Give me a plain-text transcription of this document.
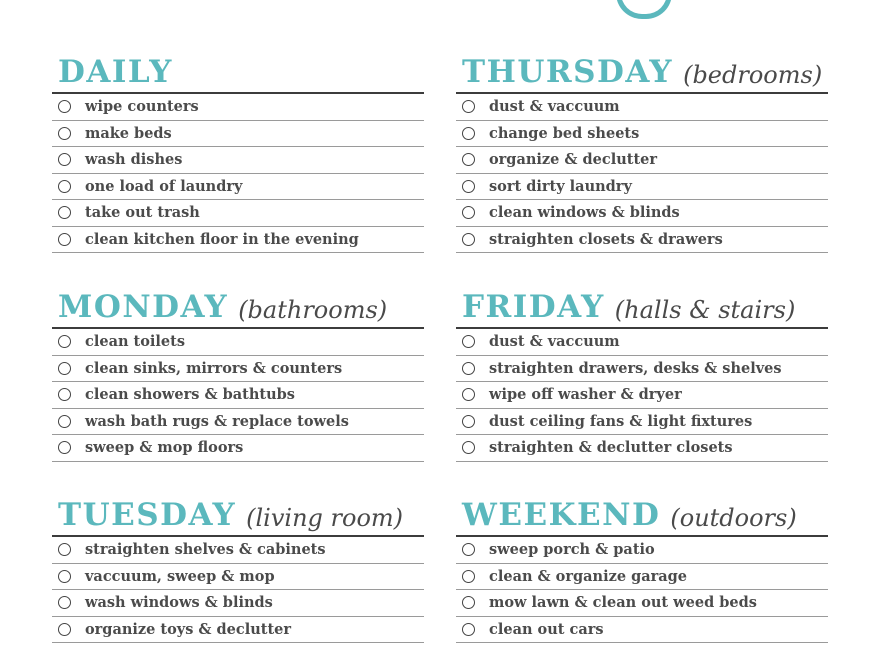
DAILY
wipe counters
make beds
wash dishes
one load of laundry
take out trash
clean kitchen floor in the evening
THURSDAY (bedrooms)
dust & vaccuum
change bed sheets
organize & declutter
sort dirty laundry
clean windows & blinds
straighten closets & drawers
MONDAY (bathrooms)
clean toilets
clean sinks, mirrors & counters
clean showers & bathtubs
wash bath rugs & replace towels
sweep & mop floors
FRIDAY (halls & stairs)
dust & vaccuum
straighten drawers, desks & shelves
wipe off washer & dryer
dust ceiling fans & light fixtures
straighten & declutter closets
TUESDAY (living room)
straighten shelves & cabinets
vaccuum, sweep & mop
wash windows & blinds
organize toys & declutter
WEEKEND (outdoors)
sweep porch & patio
clean & organize garage
mow lawn & clean out weed beds
clean out cars
